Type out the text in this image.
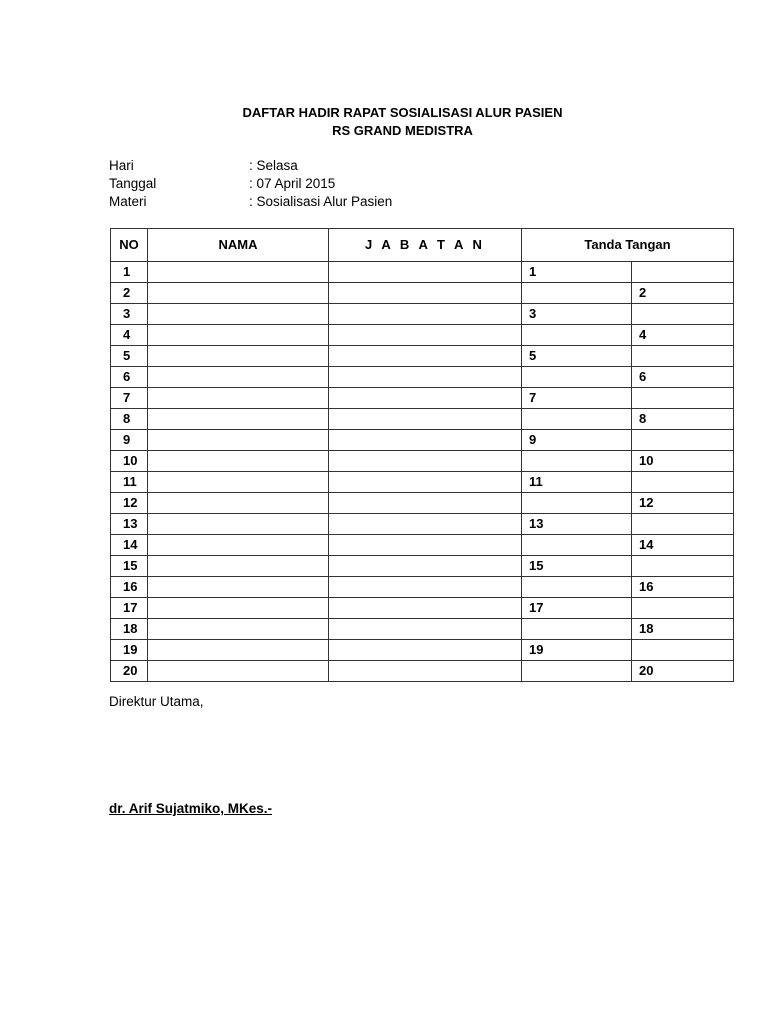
DAFTAR HADIR RAPAT SOSIALISASI ALUR PASIEN
RS GRAND MEDISTRA
Hari	: Selasa
Tanggal	: 07 April 2015
Materi	: Sosialisasi Alur Pasien
NO	NAMA	J A B A T A N	Tanda Tangan	
1			1	
2				2
3			3	
4				4
5			5	
6				6
7			7	
8				8
9			9	
10				10
11			11	
12				12
13			13	
14				14
15			15	
16				16
17			17	
18				18
19			19	
20				20
Direktur Utama,
dr. Arif Sujatmiko, MKes.-
